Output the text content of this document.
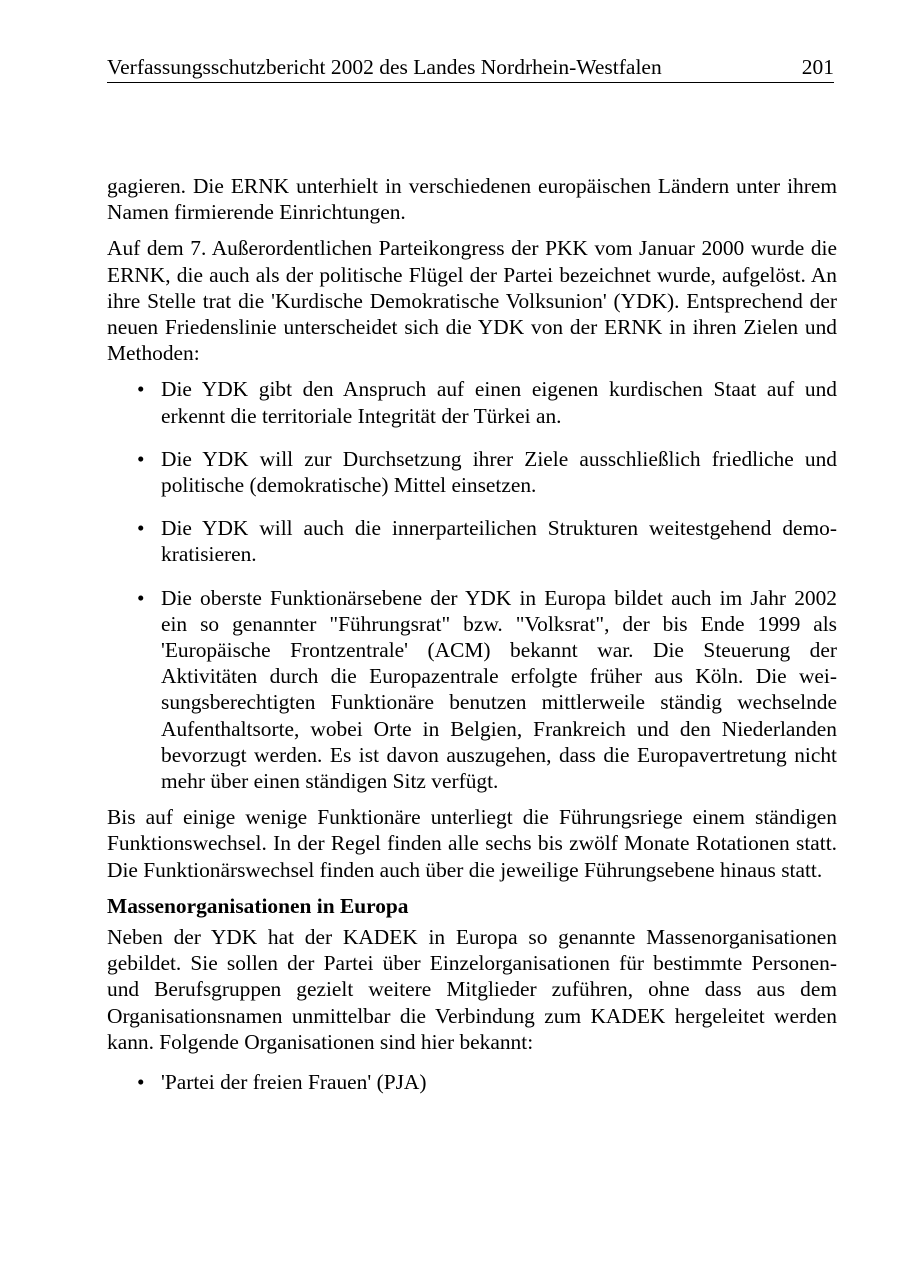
Verfassungsschutzbericht 2002 des Landes Nordrhein-Westfalen	201

gagieren. Die ERNK unterhielt in verschiedenen europäischen Ländern unter ihrem Namen firmierende Einrichtungen.

Auf dem 7. Außerordentlichen Parteikongress der PKK vom Januar 2000 wurde die ERNK, die auch als der politische Flügel der Partei bezeichnet wurde, aufgelöst. An ihre Stelle trat die 'Kurdische Demokratische Volksunion' (YDK). Entsprechend der neuen Friedenslinie unterscheidet sich die YDK von der ERNK in ihren Zielen und Methoden:

• Die YDK gibt den Anspruch auf einen eigenen kurdischen Staat auf und erkennt die territoriale Integrität der Türkei an.
• Die YDK will zur Durchsetzung ihrer Ziele ausschließlich friedliche und politische (demokratische) Mittel einsetzen.
• Die YDK will auch die innerparteilichen Strukturen weitestgehend demokratisieren.
• Die oberste Funktionärsebene der YDK in Europa bildet auch im Jahr 2002 ein so genannter "Führungsrat" bzw. "Volksrat", der bis Ende 1999 als 'Europäische Frontzentrale' (ACM) bekannt war. Die Steuerung der Aktivitäten durch die Europazentrale erfolgte früher aus Köln. Die weisungsberechtigten Funktionäre benutzen mittlerweile ständig wechselnde Aufenthaltsorte, wobei Orte in Belgien, Frankreich und den Niederlanden bevorzugt werden. Es ist davon auszugehen, dass die Europavertretung nicht mehr über einen ständigen Sitz verfügt.

Bis auf einige wenige Funktionäre unterliegt die Führungsriege einem ständigen Funktionswechsel. In der Regel finden alle sechs bis zwölf Monate Rotationen statt. Die Funktionärswechsel finden auch über die jeweilige Führungsebene hinaus statt.

Massenorganisationen in Europa

Neben der YDK hat der KADEK in Europa so genannte Massenorganisationen gebildet. Sie sollen der Partei über Einzelorganisationen für bestimmte Personen- und Berufsgruppen gezielt weitere Mitglieder zuführen, ohne dass aus dem Organisationsnamen unmittelbar die Verbindung zum KADEK hergeleitet werden kann. Folgende Organisationen sind hier bekannt:

• 'Partei der freien Frauen' (PJA)
